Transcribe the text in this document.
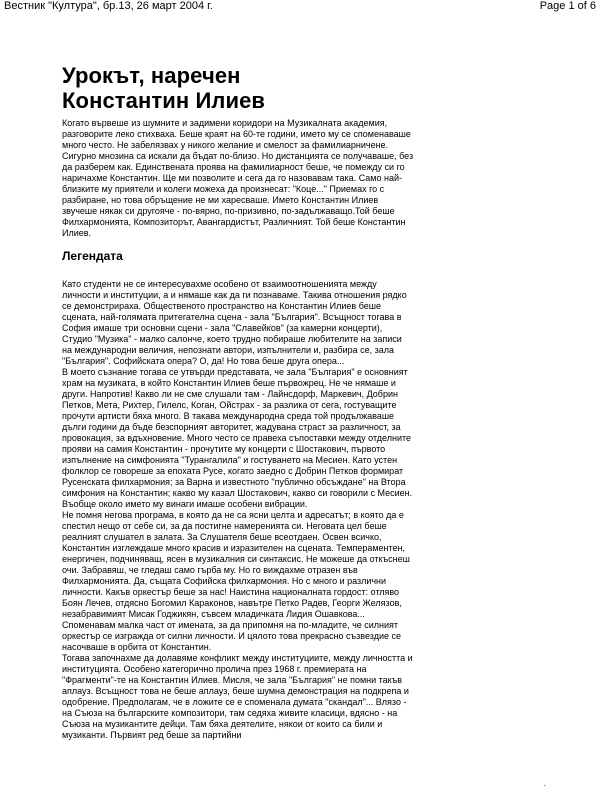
Вестник "Култура", бр.13, 26 март 2004 г.	Page 1 of 6
Урокът, наречен
Константин Илиев

Когато вървеше из шумните и задимени коридори на Музикалната академия, разговорите леко стихваха. Беше краят на 60-те години, името му се споменаваше много често. Не забелязвах у никого желание и смелост за фамилиарничене. Сигурно мнозина са искали да бъдат по-близо. Но дистанцията се получаваше, без да разберем как. Единствената проява на фамилиарност беше, че помежду си го наричахме Константин. Ще ми позволите и сега да го назовавам така. Само най-близките му приятели и колеги можеха да произнесат: "Коце..." Приемах го с разбиране, но това обръщение не ми харесваше. Името Константин Илиев звучеше някак си другояче - по-вярно, по-призивно, по-задължаващо.Той беше Филхармонията, Композиторът, Авангардистът, Различният. Той беше Константин Илиев.

Легендата

Като студенти не се интересувахме особено от взаимоотношенията между личности и институции, а и нямаше как да ги познаваме. Такива отношения рядко се демонстрираха. Общественото пространство на Константин Илиев беше сцената, най-голямата притегателна сцена - зала "България". Всъщност тогава в София имаше три основни сцени - зала "Славейков" (за камерни концерти), Студио "Музика" - малко салонче, което трудно побираше любителите на записи на международни величия, непознати автори, изпълнители и, разбира се, зала "България". Софийската опера? О, да! Но това беше друга опера...

В моето съзнание тогава се утвърди представата, че зала "България" е основният храм на музиката, в който Константин Илиев беше първожрец. Не че нямаше и други. Напротив! Какво ли не сме слушали там - Лайнсдорф, Маркевич, Добрин Петков, Мета, Рихтер, Гилелс, Коган, Ойстрах - за разлика от сега, гостуващите прочути артисти бяха много. В такава международна среда той продължаваше дълги години да бъде безспорният авторитет, жадувана страст за различност, за провокация, за вдъхновение. Много често се правеха съпоставки между отделните прояви на самия Константин - прочутите му концерти с Шостакович, първото изпълнение на симфонията "Турангалила" и гостуването на Месиен. Като устен фолклор се говореше за епохата Русе, когато заедно с Добрин Петков формират Русенската филхармония; за Варна и известното "публично обсъждане" на Втора симфония на Константин; какво му казал Шостакович, какво си говорили с Месиен. Въобще около името му винаги имаше особени вибрации.

Не помня негова програма, в която да не са ясни целта и адресатът; в която да е спестил нещо от себе си, за да постигне намеренията си. Неговата цел беше реалният слушател в залата. За Слушателя беше всеотдаен. Освен всичко, Константин изглеждаше много красив и изразителен на сцената. Темпераментен, енергичен, подчиняващ, ясен в музикалния си синтаксис. Не можеше да откъснеш очи. Забравяш, че гледаш само гърба му. Но го виждахме отразен във Филхармонията. Да, същата Софийска филхармония. Но с много и различни личности. Какъв оркестър беше за нас! Наистина националната гордост: отляво Боян Лечев, отдясно Богомил Караконов, навътре Петко Радев, Георги Желязов, незабравимият Мисак Годжикян, съвсем младичката Лидия Ошавкова... Споменавам малка част от имената, за да припомня на по-младите, че силният оркестър се изгражда от силни личности. И цялото това прекрасно съзвездие се насочваше в орбита от Константин.

Тогава започнахме да долавяме конфликт между институциите, между личността и институцията. Особено категорично пролича през 1968 г. премиерата на "Фрагменти"-те на Константин Илиев. Мисля, че зала "България" не помни такъв аплауз. Всъщност това не беше аплауз, беше шумна демонстрация на подкрепа и одобрение. Предполагам, че в ложите се е споменала думата "скандал"... Влязо - на Съюза на българските композитори, там седяха живите класици, вдясно - на Съюза на музикантите дейци. Там бяха деятелите, някои от които са били и музиканти. Първият ред беше за партийни

.
